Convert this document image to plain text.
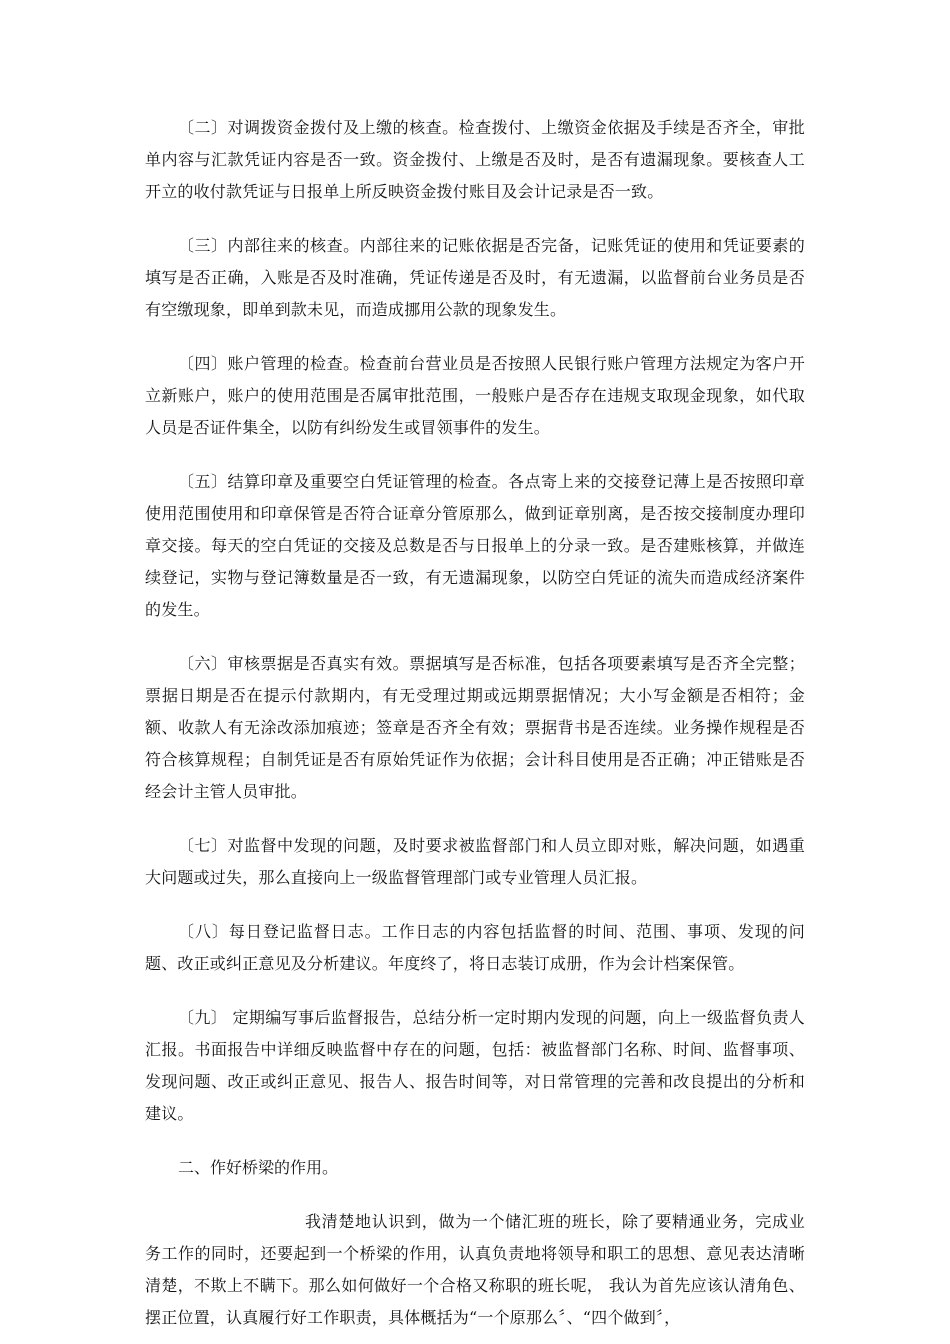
〔二〕对调拨资金拨付及上缴的核查。检查拨付、上缴资金依据及手续是否齐全，审批单内容与汇款凭证内容是否一致。资金拨付、上缴是否及时，是否有遗漏现象。要核查人工开立的收付款凭证与日报单上所反映资金拨付账目及会计记录是否一致。

〔三〕内部往来的核查。内部往来的记账依据是否完备，记账凭证的使用和凭证要素的填写是否正确，入账是否及时准确，凭证传递是否及时，有无遗漏，以监督前台业务员是否有空缴现象，即单到款未见，而造成挪用公款的现象发生。

〔四〕账户管理的检查。检查前台营业员是否按照人民银行账户管理方法规定为客户开立新账户，账户的使用范围是否属审批范围，一般账户是否存在违规支取现金现象，如代取人员是否证件集全，以防有纠纷发生或冒领事件的发生。

〔五〕结算印章及重要空白凭证管理的检查。各点寄上来的交接登记薄上是否按照印章使用范围使用和印章保管是否符合证章分管原那么，做到证章别离，是否按交接制度办理印章交接。每天的空白凭证的交接及总数是否与日报单上的分录一致。是否建账核算，并做连续登记，实物与登记簿数量是否一致，有无遗漏现象，以防空白凭证的流失而造成经济案件的发生。

〔六〕审核票据是否真实有效。票据填写是否标准，包括各项要素填写是否齐全完整；票据日期是否在提示付款期内，有无受理过期或远期票据情况；大小写金额是否相符；金额、收款人有无涂改添加痕迹；签章是否齐全有效；票据背书是否连续。业务操作规程是否符合核算规程；自制凭证是否有原始凭证作为依据；会计科目使用是否正确；冲正错账是否经会计主管人员审批。

〔七〕对监督中发现的问题，及时要求被监督部门和人员立即对账，解决问题，如遇重大问题或过失，那么直接向上一级监督管理部门或专业管理人员汇报。

〔八〕每日登记监督日志。工作日志的内容包括监督的时间、范围、事项、发现的问题、改正或纠正意见及分析建议。年度终了，将日志装订成册，作为会计档案保管。

〔九〕 定期编写事后监督报告，总结分析一定时期内发现的问题，向上一级监督负责人汇报。书面报告中详细反映监督中存在的问题，包括：被监督部门名称、时间、监督事项、发现问题、改正或纠正意见、报告人、报告时间等，对日常管理的完善和改良提出的分析和建议。

二、作好桥梁的作用。

我清楚地认识到，做为一个储汇班的班长，除了要精通业务，完成业务工作的同时，还要起到一个桥梁的作用，认真负责地将领导和职工的思想、意见表达清晰清楚，不欺上不瞒下。那么如何做好一个合格又称职的班长呢， 我认为首先应该认清角色、摆正位置，认真履行好工作职责，具体概括为“一个原那么〞、“四个做到〞，
